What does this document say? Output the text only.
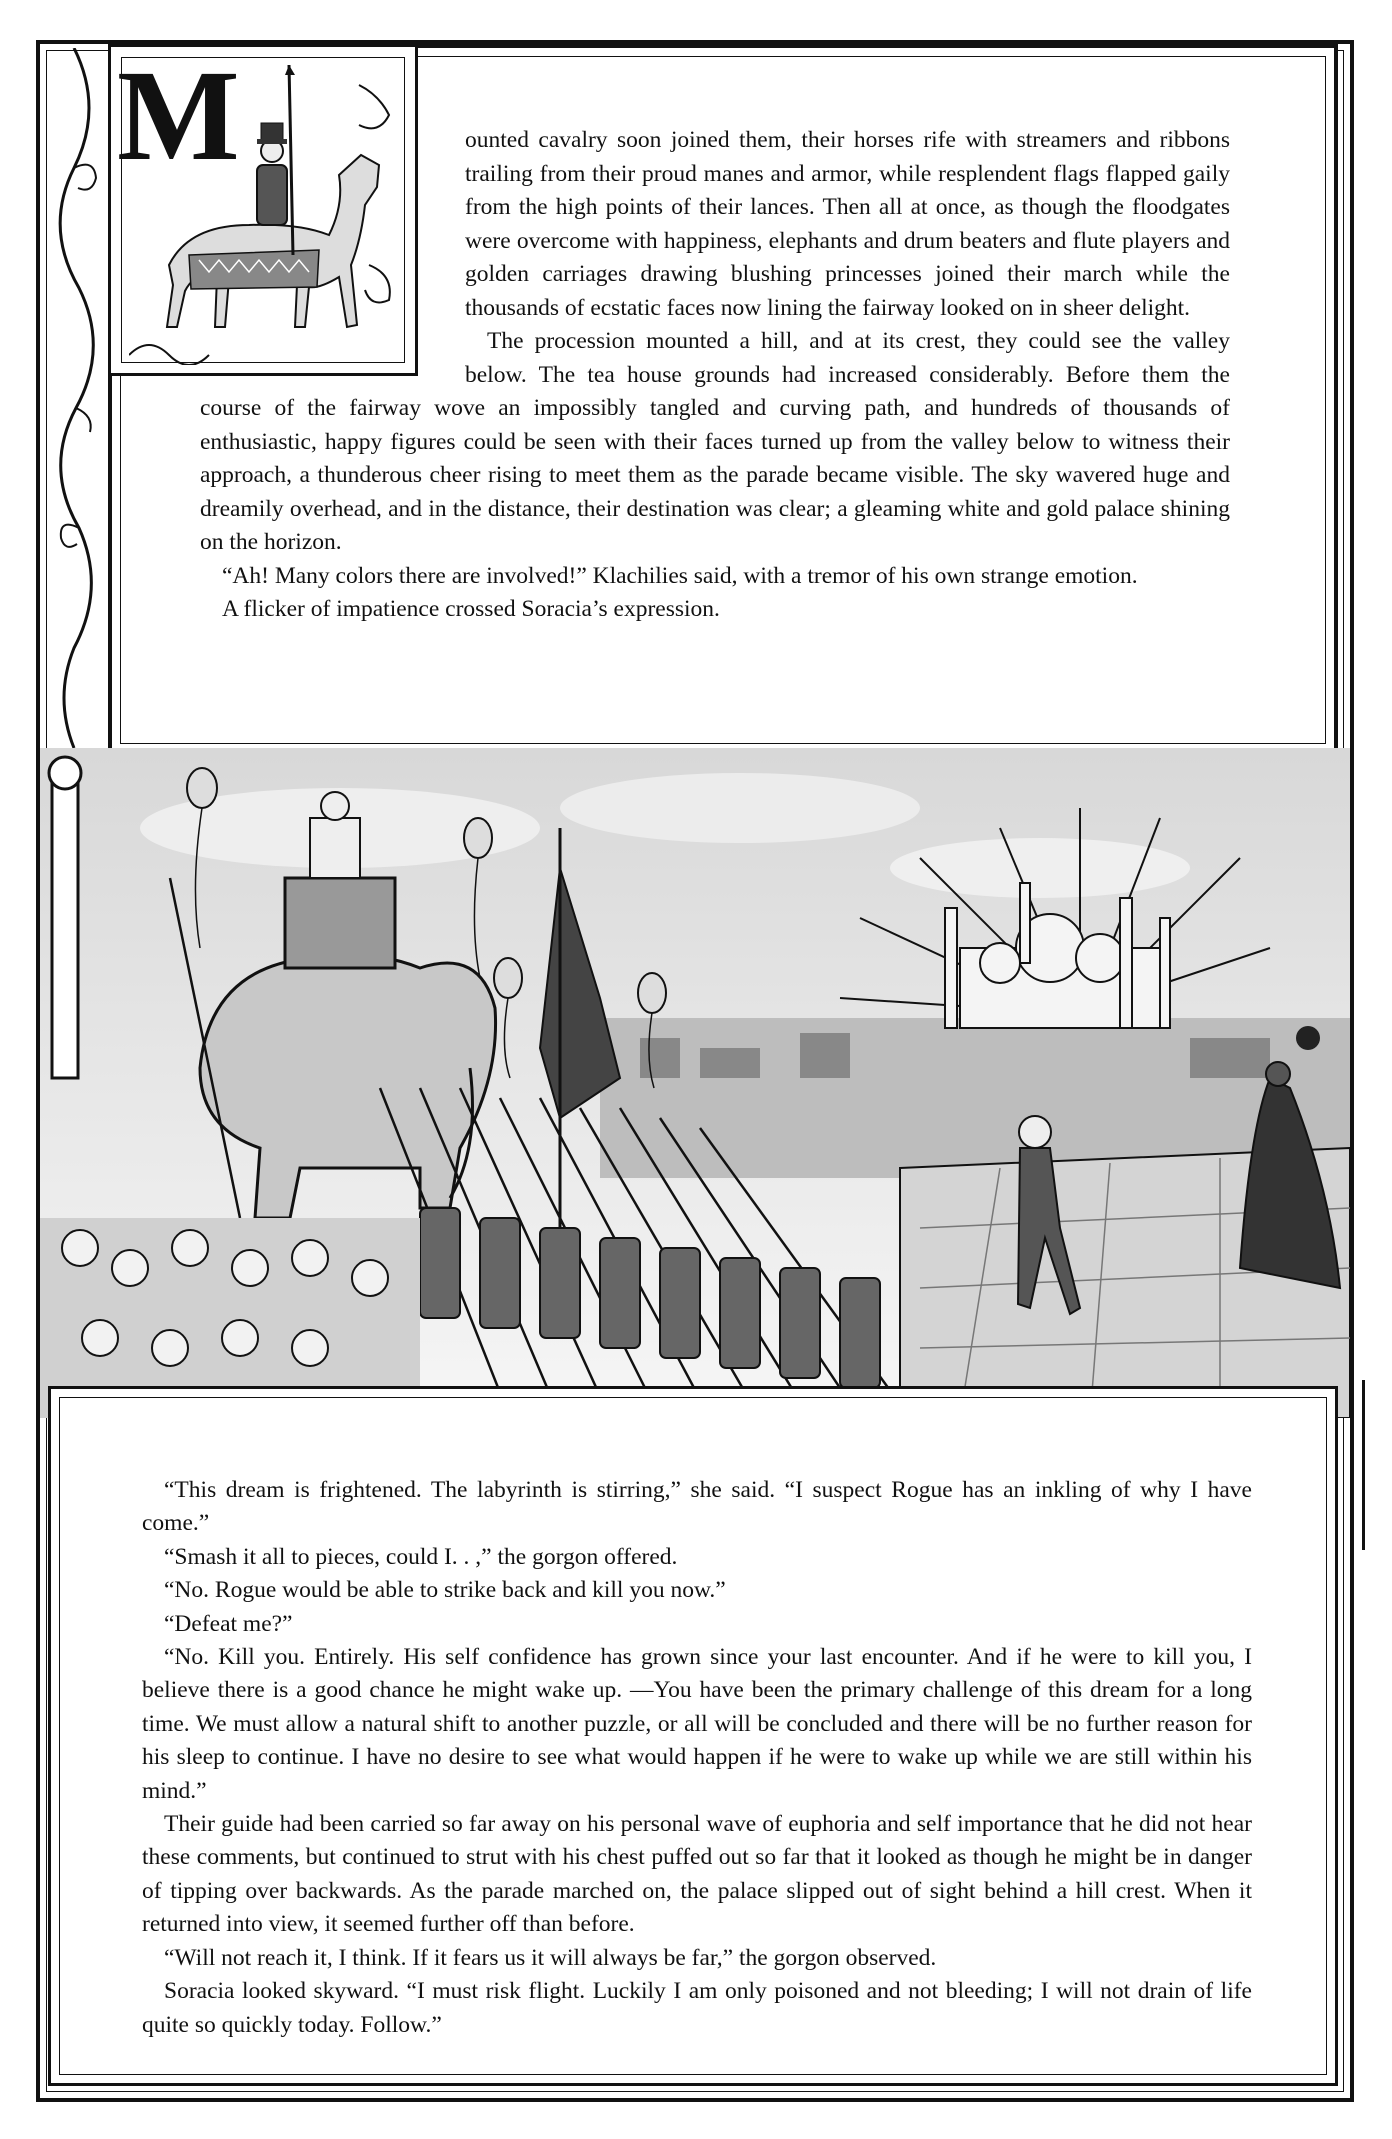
M	ounted cavalry soon joined them, their horses rife with streamers and ribbons trailing from their proud manes and armor, while resplendent flags flapped gaily from the high points of their lances. Then all at once, as though the floodgates were overcome with happiness, elephants and drum beaters and flute players and golden carriages drawing blushing princesses joined their march while the thousands of ecstatic faces now lining the fairway looked on in sheer delight.

The procession mounted a hill, and at its crest, they could see the valley below. The tea house grounds had increased considerably. Before them the course of the fairway wove an impossibly tangled and curving path, and hundreds of thousands of enthusiastic, happy figures could be seen with their faces turned up from the valley below to witness their approach, a thunderous cheer rising to meet them as the parade became visible. The sky wavered huge and dreamily overhead, and in the distance, their destination was clear; a gleaming white and gold palace shining on the horizon.

“Ah! Many colors there are involved!” Klachilies said, with a tremor of his own strange emotion.

A flicker of impatience crossed Soracia’s expression.

“This dream is frightened. The labyrinth is stirring,” she said. “I suspect Rogue has an inkling of why I have come.”

“Smash it all to pieces, could I. . ,” the gorgon offered.

“No. Rogue would be able to strike back and kill you now.”

“Defeat me?”

“No. Kill you. Entirely. His self confidence has grown since your last encounter. And if he were to kill you, I believe there is a good chance he might wake up. —You have been the primary challenge of this dream for a long time. We must allow a natural shift to another puzzle, or all will be concluded and there will be no further reason for his sleep to continue. I have no desire to see what would happen if he were to wake up while we are still within his mind.”

Their guide had been carried so far away on his personal wave of euphoria and self importance that he did not hear these comments, but continued to strut with his chest puffed out so far that it looked as though he might be in danger of tipping over backwards. As the parade marched on, the palace slipped out of sight behind a hill crest. When it returned into view, it seemed further off than before.

“Will not reach it, I think. If it fears us it will always be far,” the gorgon observed.

Soracia looked skyward. “I must risk flight. Luckily I am only poisoned and not bleeding; I will not drain of life quite so quickly today. Follow.”
